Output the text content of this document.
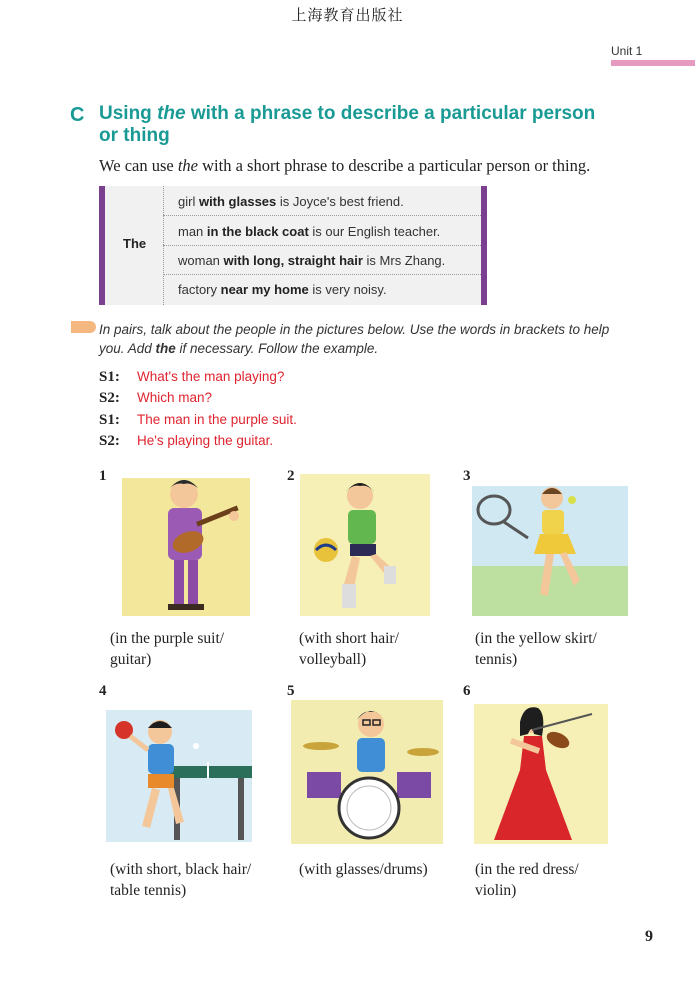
上海教育出版社
Unit 1
C Using the with a phrase to describe a particular person or thing
We can use the with a short phrase to describe a particular person or thing.
The
girl with glasses is Joyce's best friend.
man in the black coat is our English teacher.
woman with long, straight hair is Mrs Zhang.
factory near my home is very noisy.
In pairs, talk about the people in the pictures below. Use the words in brackets to help you. Add the if necessary. Follow the example.
S1: What's the man playing?
S2: Which man?
S1: The man in the purple suit.
S2: He's playing the guitar.
1
(in the purple suit/
guitar)
2
(with short hair/
volleyball)
3
(in the yellow skirt/
tennis)
4
(with short, black hair/
table tennis)
5
(with glasses/drums)
6
(in the red dress/
violin)
9
